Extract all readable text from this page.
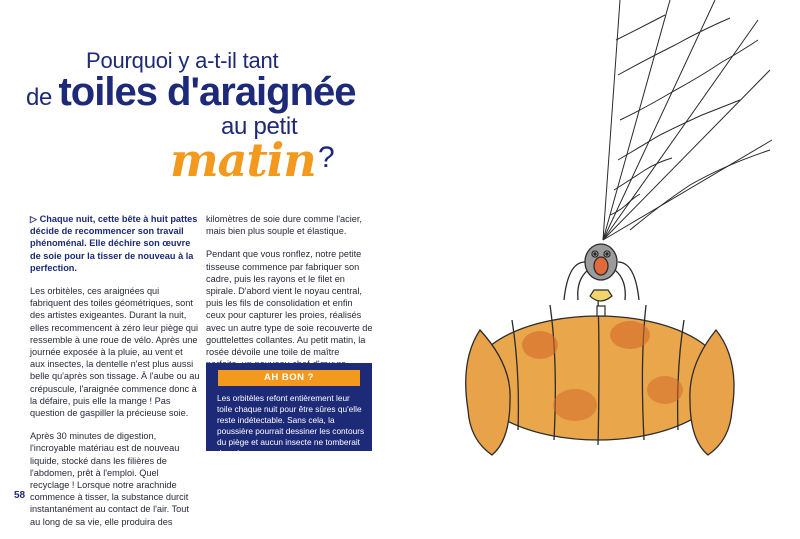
Pourquoi y a-t-il tant
de toiles d'araignée
au petit
matin ?

▷ Chaque nuit, cette bête à huit pattes décide de recommencer son travail phénoménal. Elle déchire son œuvre de soie pour la tisser de nouveau à la perfection.

Les orbitèles, ces araignées qui fabriquent des toiles géométriques, sont des artistes exigeantes. Durant la nuit, elles recommencent à zéro leur piège qui ressemble à une roue de vélo. Après une journée exposée à la pluie, au vent et aux insectes, la dentelle n'est plus aussi belle qu'après son tissage. À l'aube ou au crépuscule, l'araignée commence donc à la défaire, puis elle la mange ! Pas question de gaspiller la précieuse soie.

Après 30 minutes de digestion, l'incroyable matériau est de nouveau liquide, stocké dans les filières de l'abdomen, prêt à l'emploi. Quel recyclage ! Lorsque notre arachnide commence à tisser, la substance durcit instantanément au contact de l'air. Tout au long de sa vie, elle produira des

kilomètres de soie dure comme l'acier, mais bien plus souple et élastique.

Pendant que vous ronflez, notre petite tisseuse commence par fabriquer son cadre, puis les rayons et le filet en spirale. D'abord vient le noyau central, puis les fils de consolidation et enfin ceux pour capturer les proies, réalisés avec un autre type de soie recouverte de gouttelettes collantes. Au petit matin, la rosée dévoile une toile de maître

AH BON ?
Les orbitèles refont entièrement leur toile chaque nuit pour être sûres qu'elle reste indétectable. Sans cela, la poussière pourrait dessiner les contours du piège et aucun insecte ne tomberait dans le panneau.
58
